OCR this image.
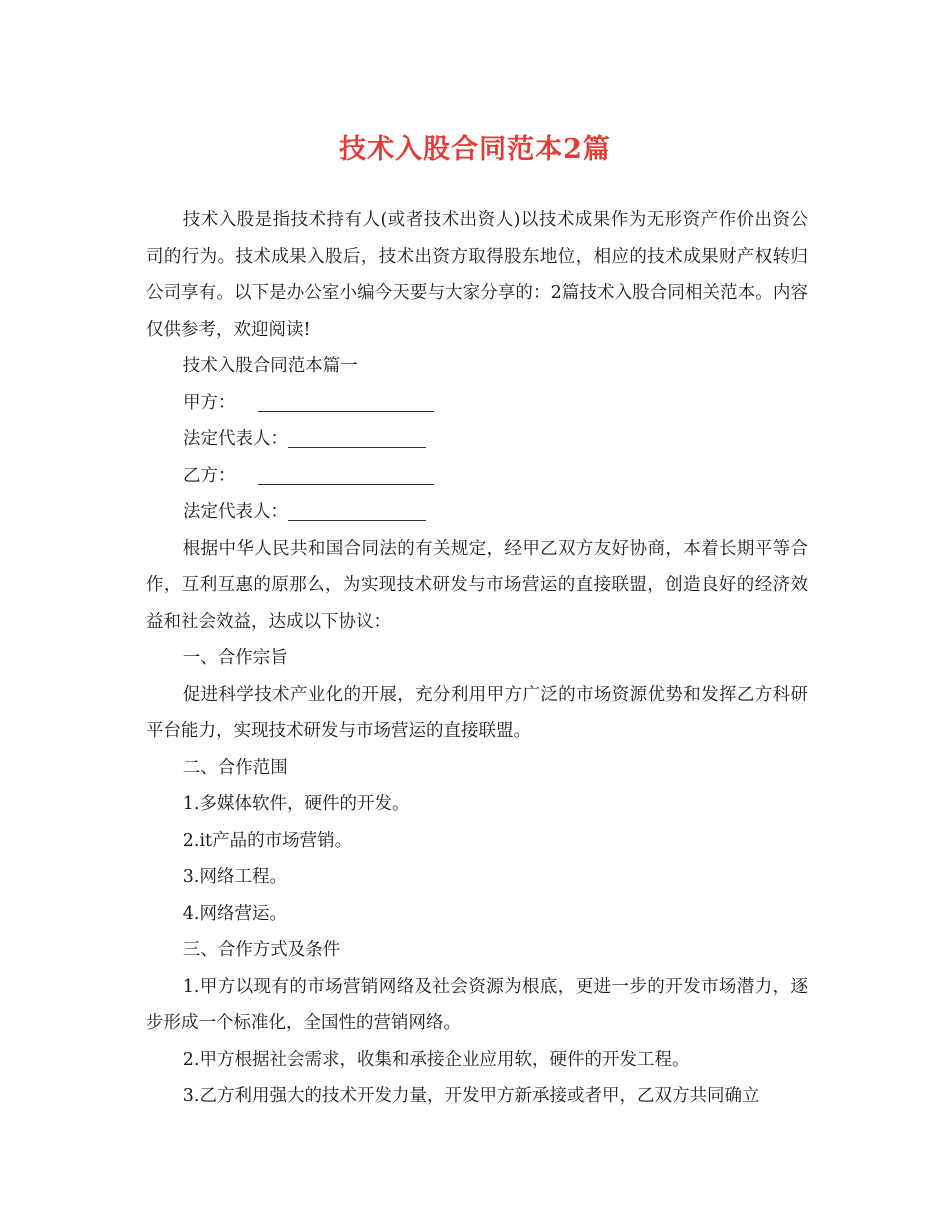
技术入股合同范本2篇

技术入股是指技术持有人(或者技术出资人)以技术成果作为无形资产作价出资公司的行为。技术成果入股后，技术出资方取得股东地位，相应的技术成果财产权转归公司享有。以下是办公室小编今天要与大家分享的：2篇技术入股合同相关范本。内容仅供参考，欢迎阅读!

技术入股合同范本篇一

甲方：

法定代表人：

乙方：

法定代表人：

根据中华人民共和国合同法的有关规定，经甲乙双方友好协商，本着长期平等合作，互利互惠的原那么，为实现技术研发与市场营运的直接联盟，创造良好的经济效益和社会效益，达成以下协议：

一、合作宗旨

促进科学技术产业化的开展，充分利用甲方广泛的市场资源优势和发挥乙方科研平台能力，实现技术研发与市场营运的直接联盟。

二、合作范围

1.多媒体软件，硬件的开发。

2.it产品的市场营销。

3.网络工程。

4.网络营运。

三、合作方式及条件

1.甲方以现有的市场营销网络及社会资源为根底，更进一步的开发市场潜力，逐步形成一个标准化，全国性的营销网络。

2.甲方根据社会需求，收集和承接企业应用软，硬件的开发工程。

3.乙方利用强大的技术开发力量，开发甲方新承接或者甲，乙双方共同确立
